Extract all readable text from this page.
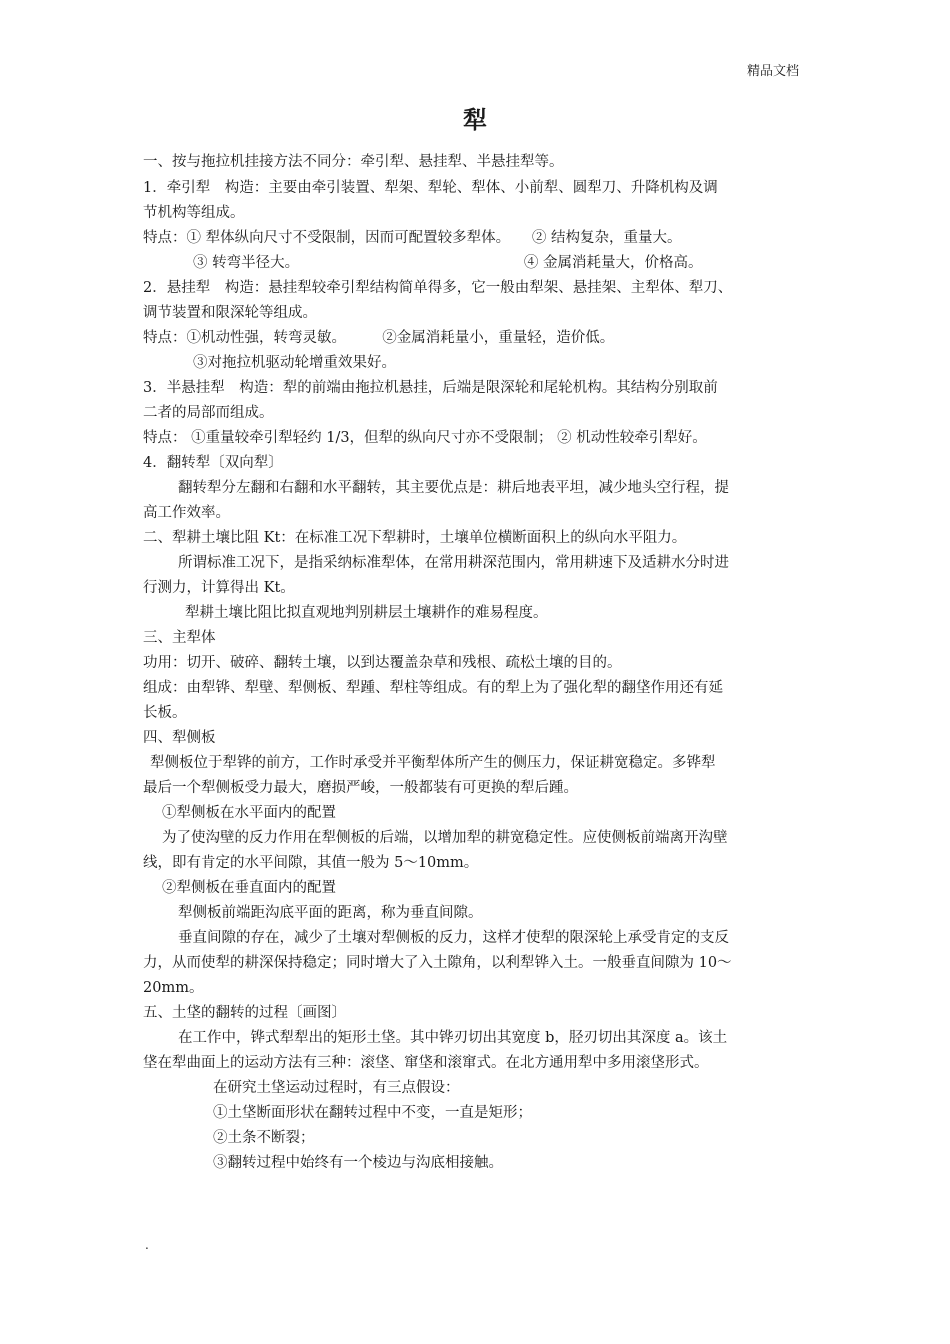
精品文档
犁
一、按与拖拉机挂接方法不同分：牵引犁、悬挂犁、半悬挂犁等。
1．牵引犁　构造：主要由牵引装置、犁架、犁轮、犁体、小前犁、圆犁刀、升降机构及调
节机构等组成。
特点：① 犁体纵向尺寸不受限制，因而可配置较多犁体。　　② 结构复杂，重量大。
③ 转弯半径大。　　　　　　　　　　　　　　　　④ 金属消耗量大，价格高。
2．悬挂犁　构造：悬挂犁较牵引犁结构简单得多，它一般由犁架、悬挂架、主犁体、犁刀、
调节装置和限深轮等组成。
特点：①机动性强，转弯灵敏。　　　②金属消耗量小，重量轻，造价低。
③对拖拉机驱动轮增重效果好。
3．半悬挂犁　构造：犁的前端由拖拉机悬挂，后端是限深轮和尾轮机构。其结构分别取前
二者的局部而组成。
特点： ①重量较牵引犁轻约 1/3，但犁的纵向尺寸亦不受限制； ② 机动性较牵引犁好。
4．翻转犁〔双向犁〕
翻转犁分左翻和右翻和水平翻转，其主要优点是：耕后地表平坦，减少地头空行程，提
高工作效率。
二、犁耕土壤比阻 Kt：在标准工况下犁耕时，土壤单位横断面积上的纵向水平阻力。
所谓标准工况下，是指采纳标准犁体，在常用耕深范围内，常用耕速下及适耕水分时进
行测力，计算得出 Kt。
犁耕土壤比阻比拟直观地判别耕层土壤耕作的难易程度。
三、主犁体
功用：切开、破碎、翻转土壤，以到达覆盖杂草和残根、疏松土壤的目的。
组成：由犁铧、犁壁、犁侧板、犁踵、犁柱等组成。有的犁上为了强化犁的翻垡作用还有延
长板。
四、犁侧板
犁侧板位于犁铧的前方，工作时承受并平衡犁体所产生的侧压力，保证耕宽稳定。多铧犁
最后一个犁侧板受力最大，磨损严峻，一般都装有可更换的犁后踵。
①犁侧板在水平面内的配置
为了使沟壁的反力作用在犁侧板的后端，以增加犁的耕宽稳定性。应使侧板前端离开沟壁
线，即有肯定的水平间隙，其值一般为 5～10mm。
②犁侧板在垂直面内的配置
犁侧板前端距沟底平面的距离，称为垂直间隙。
垂直间隙的存在，减少了土壤对犁侧板的反力，这样才使犁的限深轮上承受肯定的支反
力，从而使犁的耕深保持稳定；同时增大了入土隙角，以利犁铧入土。一般垂直间隙为 10～
20mm。
五、土垡的翻转的过程〔画图〕
在工作中，铧式犁犁出的矩形土垡。其中铧刃切出其宽度 b，胫刃切出其深度 a。该土
垡在犁曲面上的运动方法有三种：滚垡、窜垡和滚窜式。在北方通用犁中多用滚垡形式。
在研究土垡运动过程时，有三点假设：
①土垡断面形状在翻转过程中不变，一直是矩形；
②土条不断裂；
③翻转过程中始终有一个棱边与沟底相接触。
.
